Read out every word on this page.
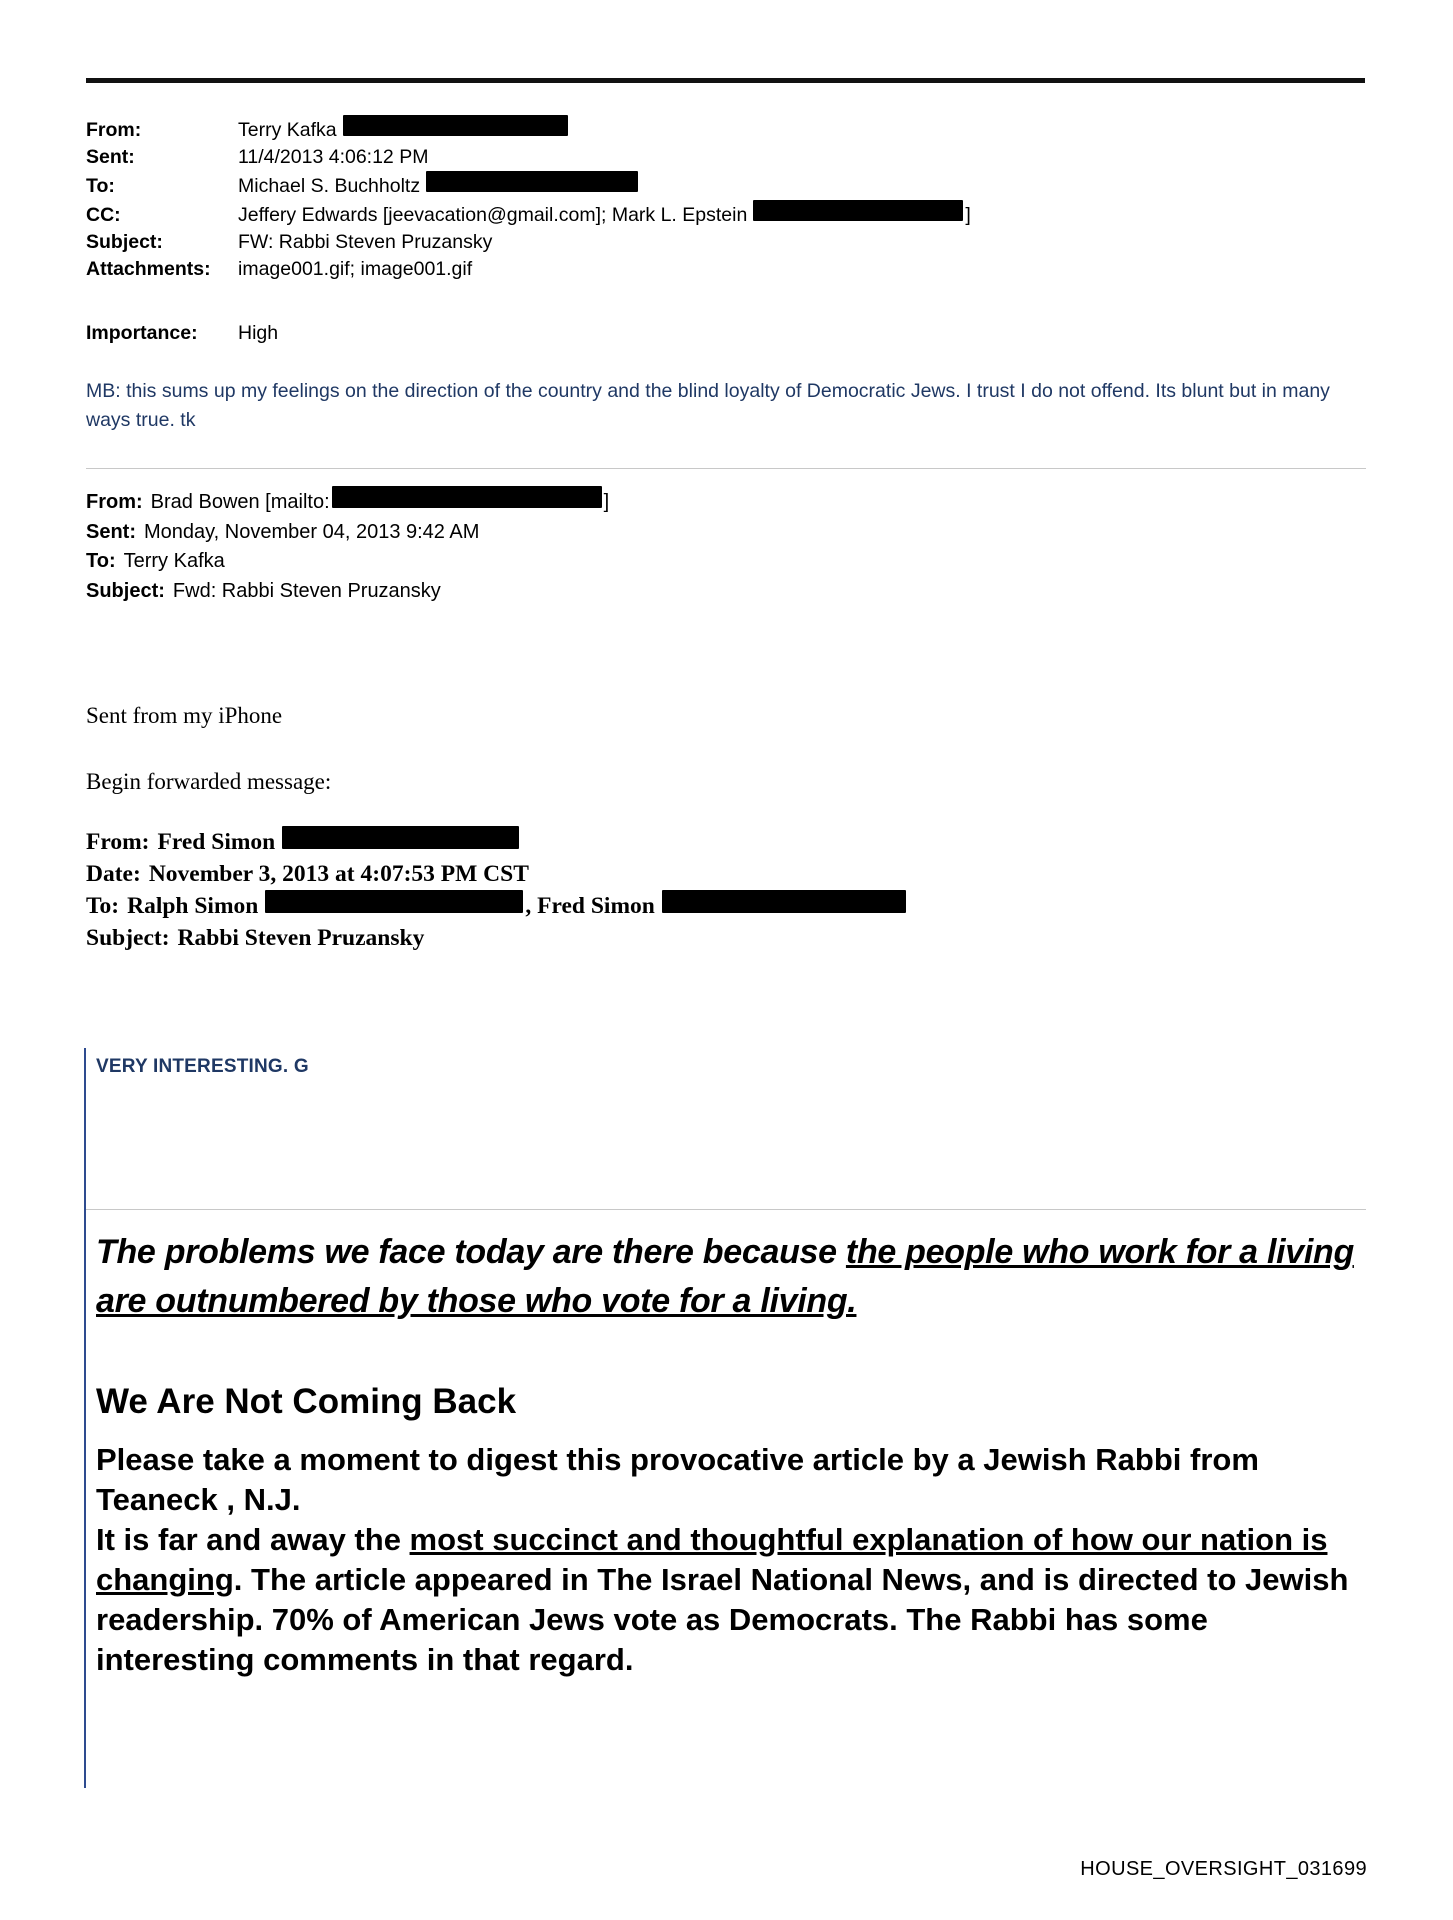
From:	Terry Kafka
Sent:	11/4/2013 4:06:12 PM
To:	Michael S. Buchholtz
CC:	Jeffery Edwards [jeevacation@gmail.com]; Mark L. Epstein	]
Subject:	FW: Rabbi Steven Pruzansky
Attachments:	image001.gif; image001.gif
Importance:	High
MB: this sums up my feelings on the direction of the country and the blind loyalty of Democratic Jews. I trust I do not offend. Its blunt but in many ways true. tk
From: Brad Bowen [mailto:	]
Sent: Monday, November 04, 2013 9:42 AM
To: Terry Kafka
Subject: Fwd: Rabbi Steven Pruzansky
Sent from my iPhone
Begin forwarded message:
From: Fred Simon
Date: November 3, 2013 at 4:07:53 PM CST
To: Ralph Simon	, Fred Simon
Subject: Rabbi Steven Pruzansky
VERY INTERESTING. G
The problems we face today are there because the people who work for a living are outnumbered by those who vote for a living.
We Are Not Coming Back
Please take a moment to digest this provocative article by a Jewish Rabbi from Teaneck , N.J.
It is far and away the most succinct and thoughtful explanation of how our nation is changing. The article appeared in The Israel National News, and is directed to Jewish readership. 70% of American Jews vote as Democrats. The Rabbi has some interesting comments in that regard.
HOUSE_OVERSIGHT_031699
